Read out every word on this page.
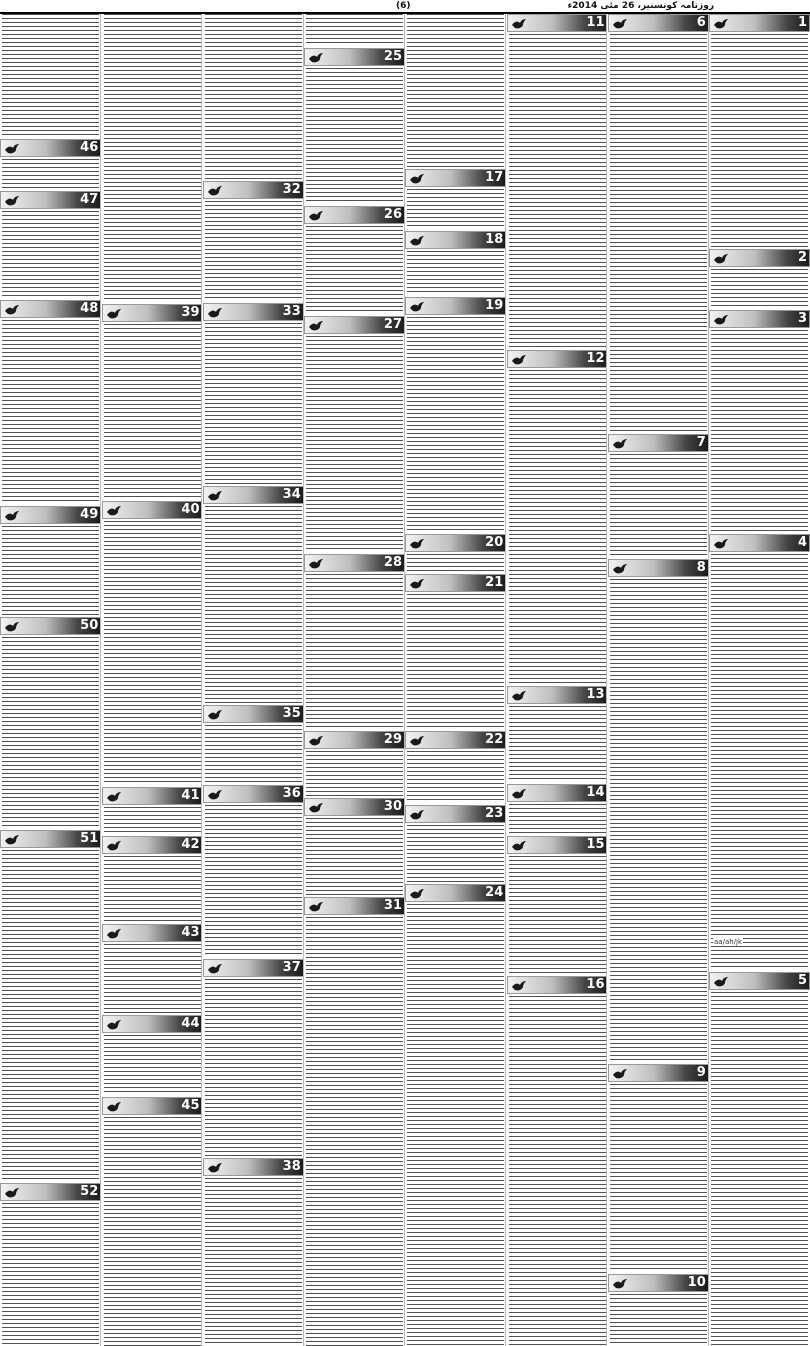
(6)	روزنامہ کونسنیر، 26 مئی 2014ء
1
2
3
4
aa/ah/jk
5
6
7
8
9
10
11
12
13
14
15
16
17
18
19
20
21
22
23
24
25
26
27
28
29
30
31
32
33
34
35
36
37
38
39
40
41
42
43
44
45
46
47
48
49
50
51
52
